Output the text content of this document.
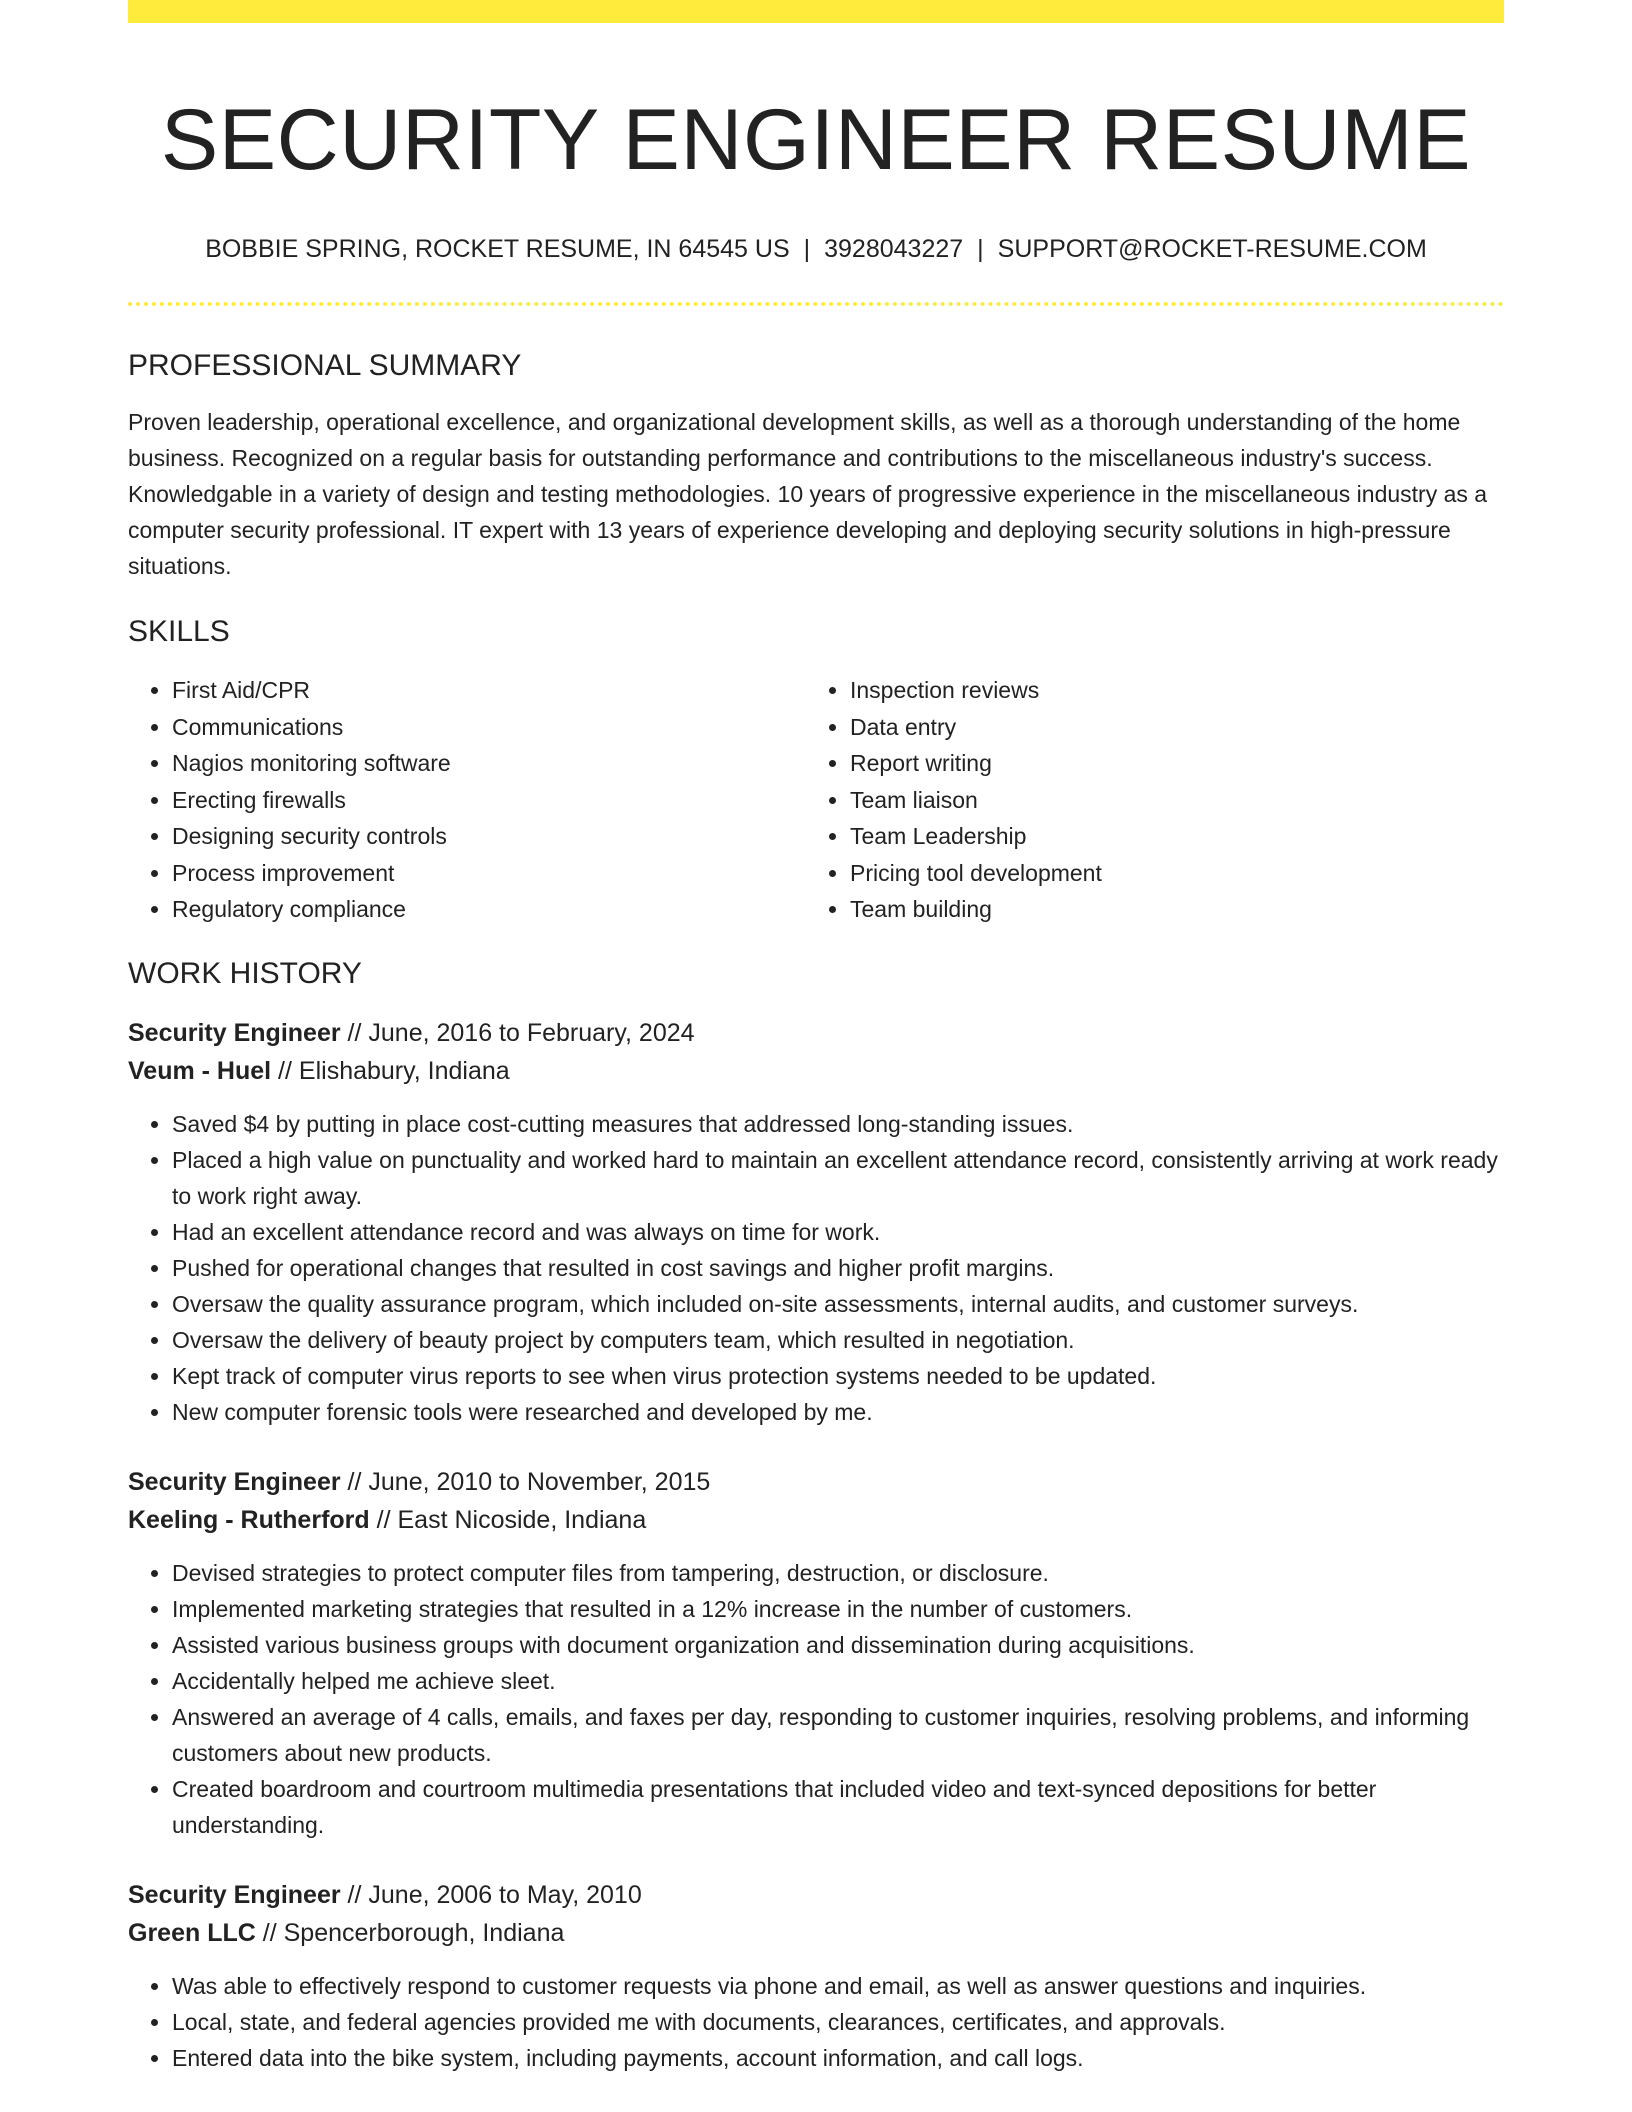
SECURITY ENGINEER RESUME
BOBBIE SPRING, ROCKET RESUME, IN 64545 US | 3928043227 | SUPPORT@ROCKET-RESUME.COM
PROFESSIONAL SUMMARY

Proven leadership, operational excellence, and organizational development skills, as well as a thorough understanding of the home business. Recognized on a regular basis for outstanding performance and contributions to the miscellaneous industry's success. Knowledgable in a variety of design and testing methodologies. 10 years of progressive experience in the miscellaneous industry as a computer security professional. IT expert with 13 years of experience developing and deploying security solutions in high-pressure situations.

SKILLS
• First Aid/CPR
• Communications
• Nagios monitoring software
• Erecting firewalls
• Designing security controls
• Process improvement
• Regulatory compliance
• Inspection reviews
• Data entry
• Report writing
• Team liaison
• Team Leadership
• Pricing tool development
• Team building
WORK HISTORY
Security Engineer // June, 2016 to February, 2024
Veum - Huel // Elishabury, Indiana
• Saved $4 by putting in place cost-cutting measures that addressed long-standing issues.
• Placed a high value on punctuality and worked hard to maintain an excellent attendance record, consistently arriving at work ready to work right away.
• Had an excellent attendance record and was always on time for work.
• Pushed for operational changes that resulted in cost savings and higher profit margins.
• Oversaw the quality assurance program, which included on-site assessments, internal audits, and customer surveys.
• Oversaw the delivery of beauty project by computers team, which resulted in negotiation.
• Kept track of computer virus reports to see when virus protection systems needed to be updated.
• New computer forensic tools were researched and developed by me.
Security Engineer // June, 2010 to November, 2015
Keeling - Rutherford // East Nicoside, Indiana
• Devised strategies to protect computer files from tampering, destruction, or disclosure.
• Implemented marketing strategies that resulted in a 12% increase in the number of customers.
• Assisted various business groups with document organization and dissemination during acquisitions.
• Accidentally helped me achieve sleet.
• Answered an average of 4 calls, emails, and faxes per day, responding to customer inquiries, resolving problems, and informing customers about new products.
• Created boardroom and courtroom multimedia presentations that included video and text-synced depositions for better understanding.
Security Engineer // June, 2006 to May, 2010
Green LLC // Spencerborough, Indiana
• Was able to effectively respond to customer requests via phone and email, as well as answer questions and inquiries.
• Local, state, and federal agencies provided me with documents, clearances, certificates, and approvals.
• Entered data into the bike system, including payments, account information, and call logs.
